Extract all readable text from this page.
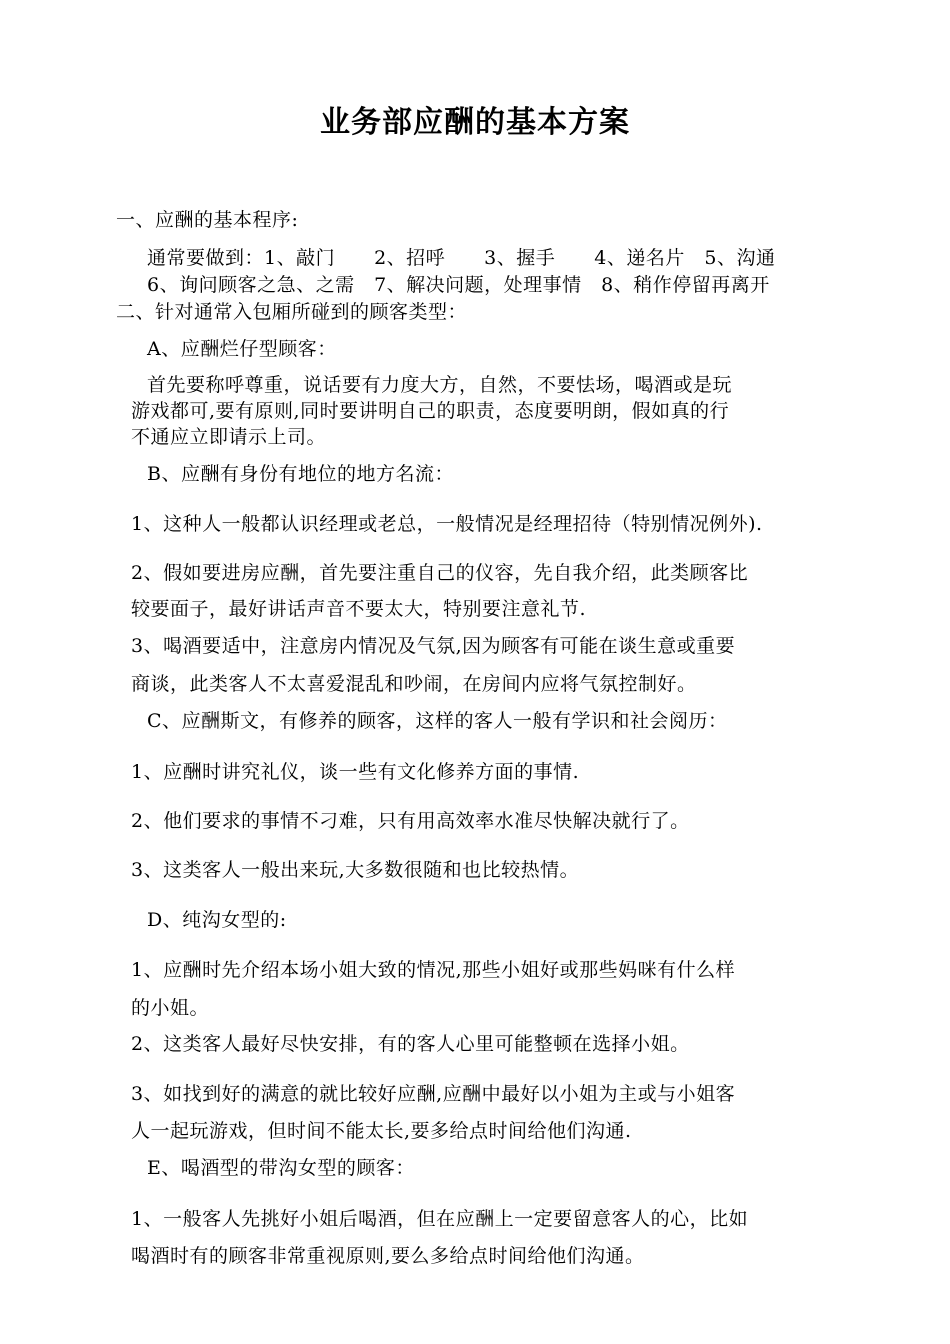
业务部应酬的基本方案
一、应酬的基本程序:
通常要做到：1、敲门　　2、招呼　　3、握手　　4、递名片　5、沟通
6、询问顾客之急、之需　7、解决问题，处理事情　8、稍作停留再离开
二、针对通常入包厢所碰到的顾客类型：
A、应酬烂仔型顾客：
首先要称呼尊重，说话要有力度大方，自然，不要怯场，喝酒或是玩
游戏都可,要有原则,同时要讲明自己的职责，态度要明朗，假如真的行
不通应立即请示上司。
B、应酬有身份有地位的地方名流：
1、这种人一般都认识经理或老总，一般情况是经理招待（特别情况例外).
2、假如要进房应酬，首先要注重自己的仪容，先自我介绍，此类顾客比
较要面子，最好讲话声音不要太大，特别要注意礼节.
3、喝酒要适中，注意房内情况及气氛,因为顾客有可能在谈生意或重要
商谈，此类客人不太喜爱混乱和吵闹，在房间内应将气氛控制好。
C、应酬斯文，有修养的顾客，这样的客人一般有学识和社会阅历：
1、应酬时讲究礼仪，谈一些有文化修养方面的事情.
2、他们要求的事情不刁难，只有用高效率水准尽快解决就行了。
3、这类客人一般出来玩,大多数很随和也比较热情。
D、纯沟女型的:
1、应酬时先介绍本场小姐大致的情况,那些小姐好或那些妈咪有什么样
的小姐。
2、这类客人最好尽快安排，有的客人心里可能整顿在选择小姐。
3、如找到好的满意的就比较好应酬,应酬中最好以小姐为主或与小姐客
人一起玩游戏，但时间不能太长,要多给点时间给他们沟通.
E、喝酒型的带沟女型的顾客：
1、一般客人先挑好小姐后喝酒，但在应酬上一定要留意客人的心，比如
喝酒时有的顾客非常重视原则,要么多给点时间给他们沟通。
